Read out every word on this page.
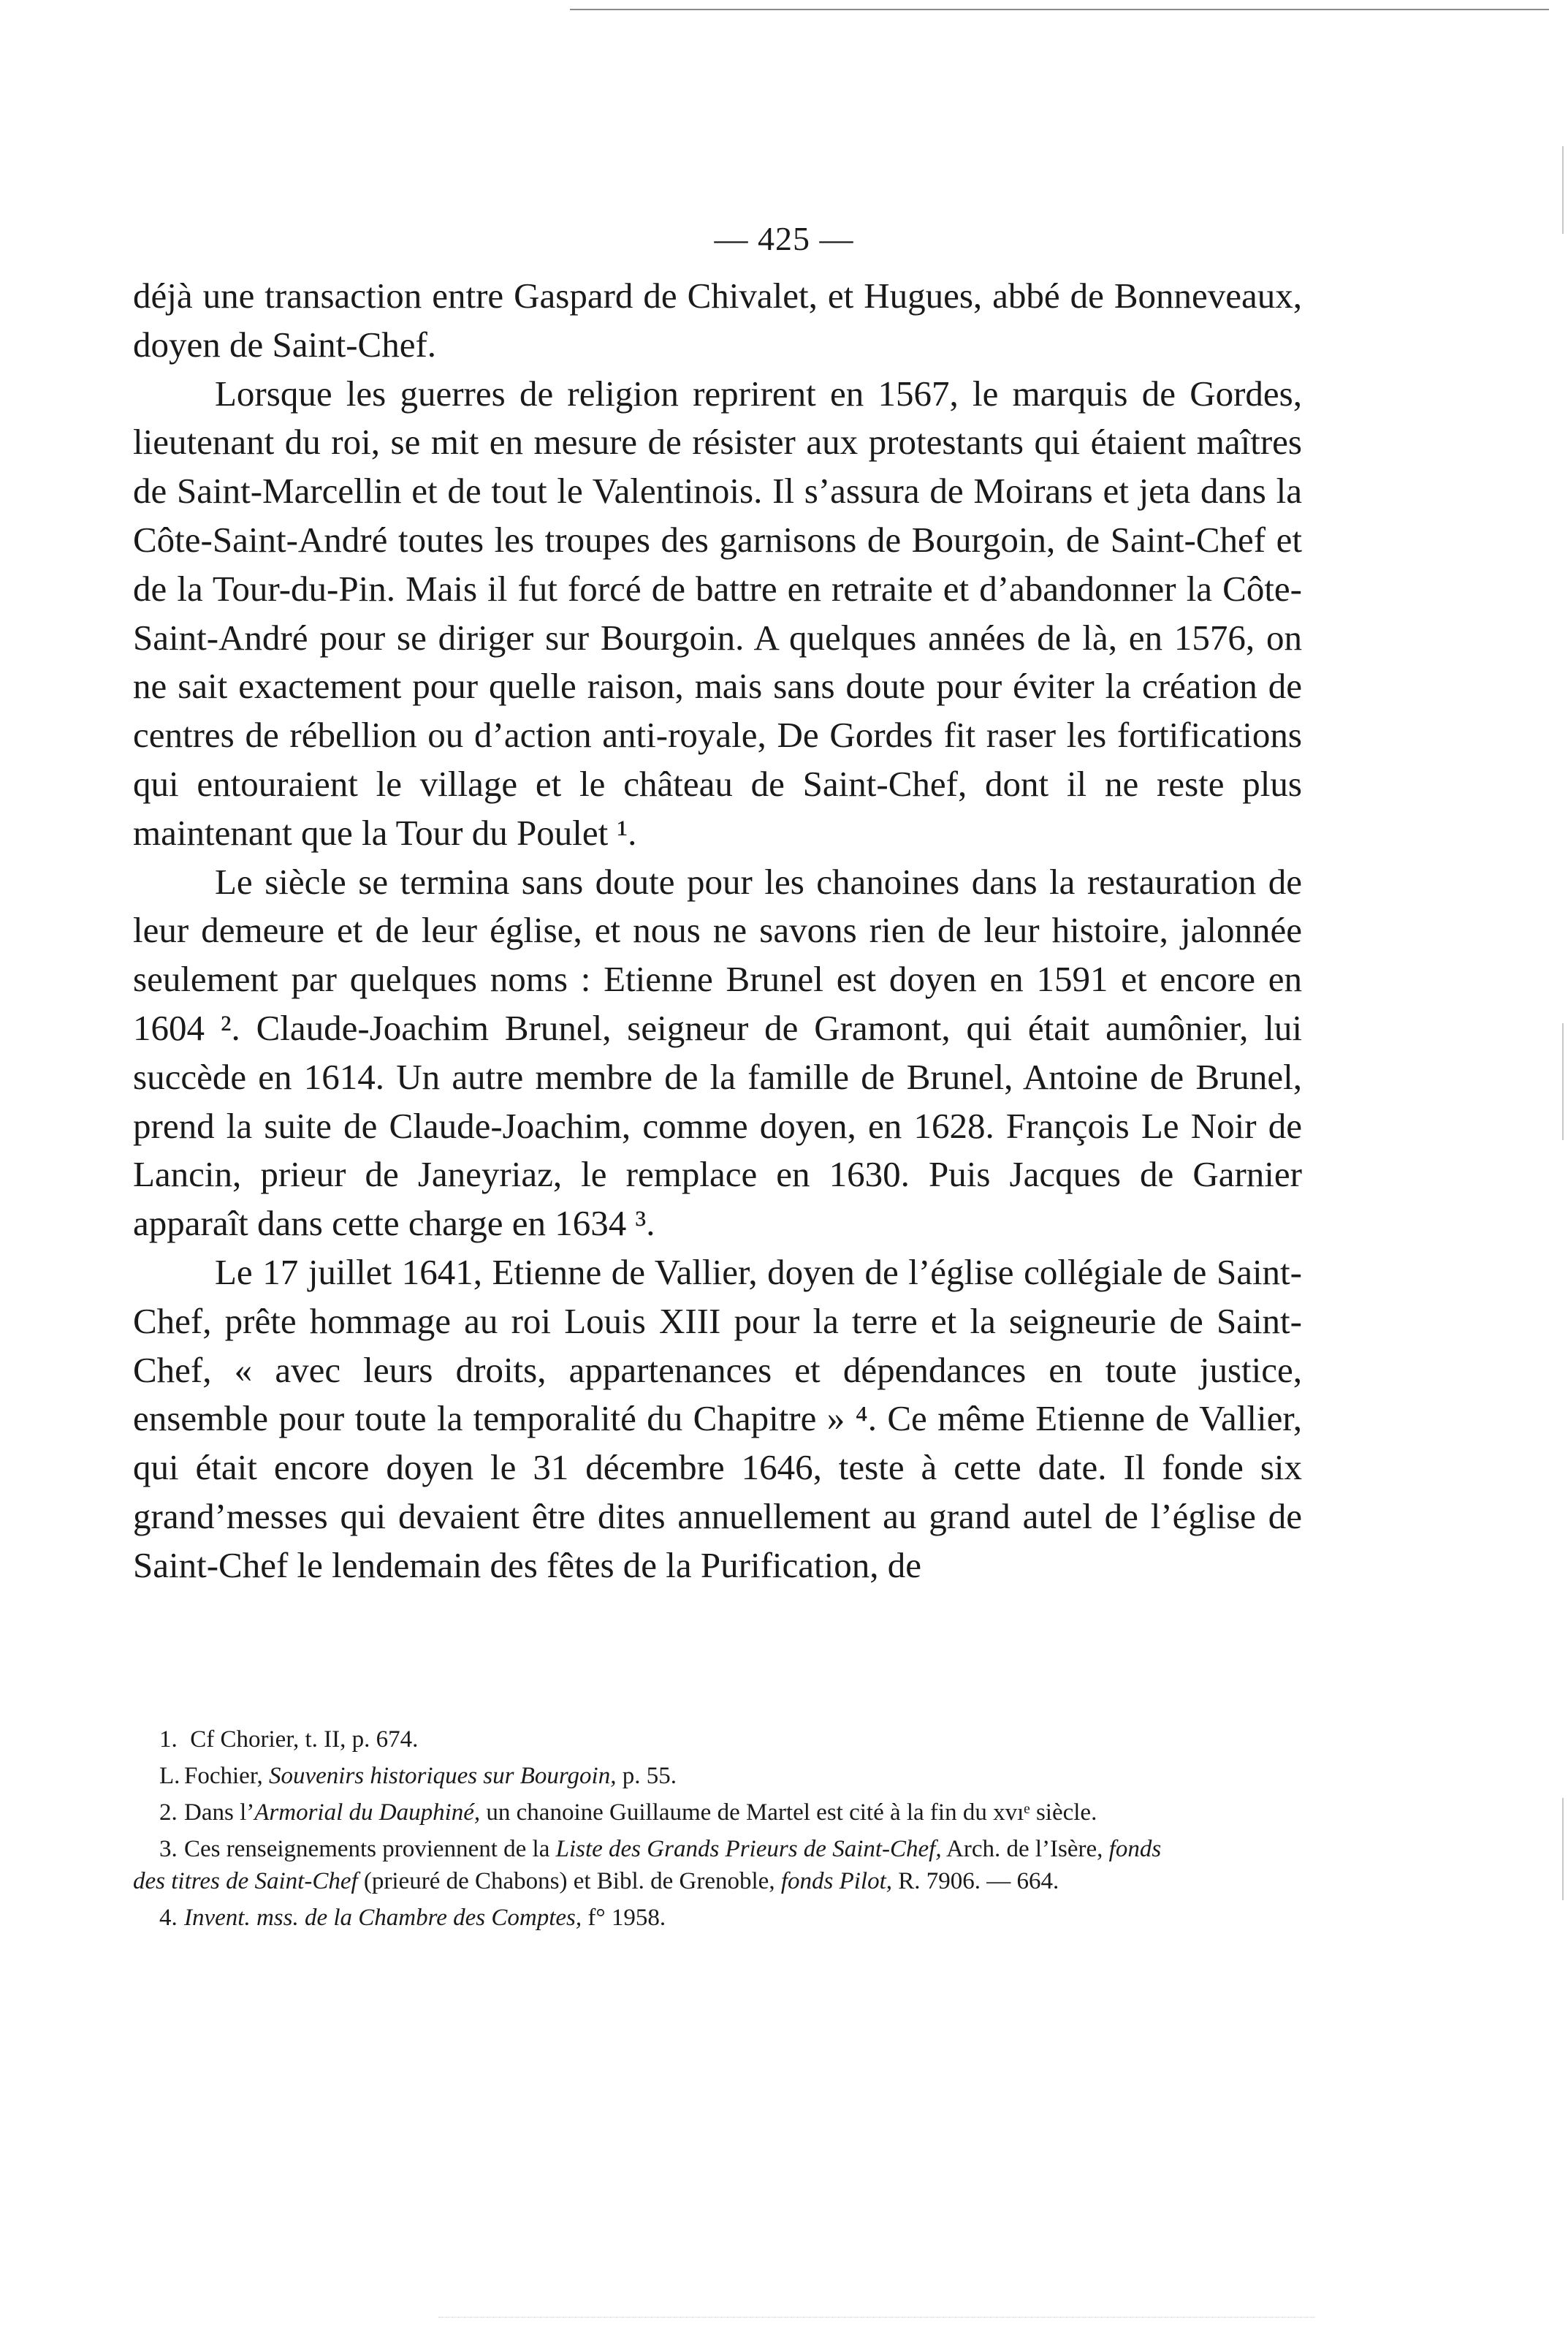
— 425 —

déjà une transaction entre Gaspard de Chivalet, et Hugues, abbé de Bonneveaux, doyen de Saint-Chef.

Lorsque les guerres de religion reprirent en 1567, le marquis de Gordes, lieutenant du roi, se mit en mesure de résister aux protestants qui étaient maîtres de Saint-Marcellin et de tout le Valentinois. Il s’assura de Moirans et jeta dans la Côte-Saint-André toutes les troupes des garnisons de Bourgoin, de Saint-Chef et de la Tour-du-Pin. Mais il fut forcé de battre en retraite et d’abandonner la Côte-Saint-André pour se diriger sur Bourgoin. A quelques années de là, en 1576, on ne sait exactement pour quelle raison, mais sans doute pour éviter la création de centres de rébellion ou d’action anti-royale, De Gordes fit raser les fortifications qui entouraient le village et le château de Saint-Chef, dont il ne reste plus maintenant que la Tour du Poulet ¹.

Le siècle se termina sans doute pour les chanoines dans la restauration de leur demeure et de leur église, et nous ne savons rien de leur histoire, jalonnée seulement par quelques noms : Etienne Brunel est doyen en 1591 et encore en 1604 ². Claude-Joachim Brunel, seigneur de Gramont, qui était aumônier, lui succède en 1614. Un autre membre de la famille de Brunel, Antoine de Brunel, prend la suite de Claude-Joachim, comme doyen, en 1628. François Le Noir de Lancin, prieur de Janeyriaz, le remplace en 1630. Puis Jacques de Garnier apparaît dans cette charge en 1634 ³.

Le 17 juillet 1641, Etienne de Vallier, doyen de l’église collégiale de Saint-Chef, prête hommage au roi Louis XIII pour la terre et la seigneurie de Saint-Chef, « avec leurs droits, appartenances et dépendances en toute justice, ensemble pour toute la temporalité du Chapitre » ⁴. Ce même Etienne de Vallier, qui était encore doyen le 31 décembre 1646, teste à cette date. Il fonde six grand’messes qui devaient être dites annuellement au grand autel de l’église de Saint-Chef le lendemain des fêtes de la Purification, de

1. Cf Chorier, t. II, p. 674.

L. Fochier, Souvenirs historiques sur Bourgoin, p. 55.

2. Dans l’Armorial du Dauphiné, un chanoine Guillaume de Martel est cité à la fin du xvıᵉ siècle.

3. Ces renseignements proviennent de la Liste des Grands Prieurs de Saint-Chef, Arch. de l’Isère, fonds

des titres de Saint-Chef (prieuré de Chabons) et Bibl. de Grenoble, fonds Pilot, R. 7906. — 664.

4. Invent. mss. de la Chambre des Comptes, f° 1958.
